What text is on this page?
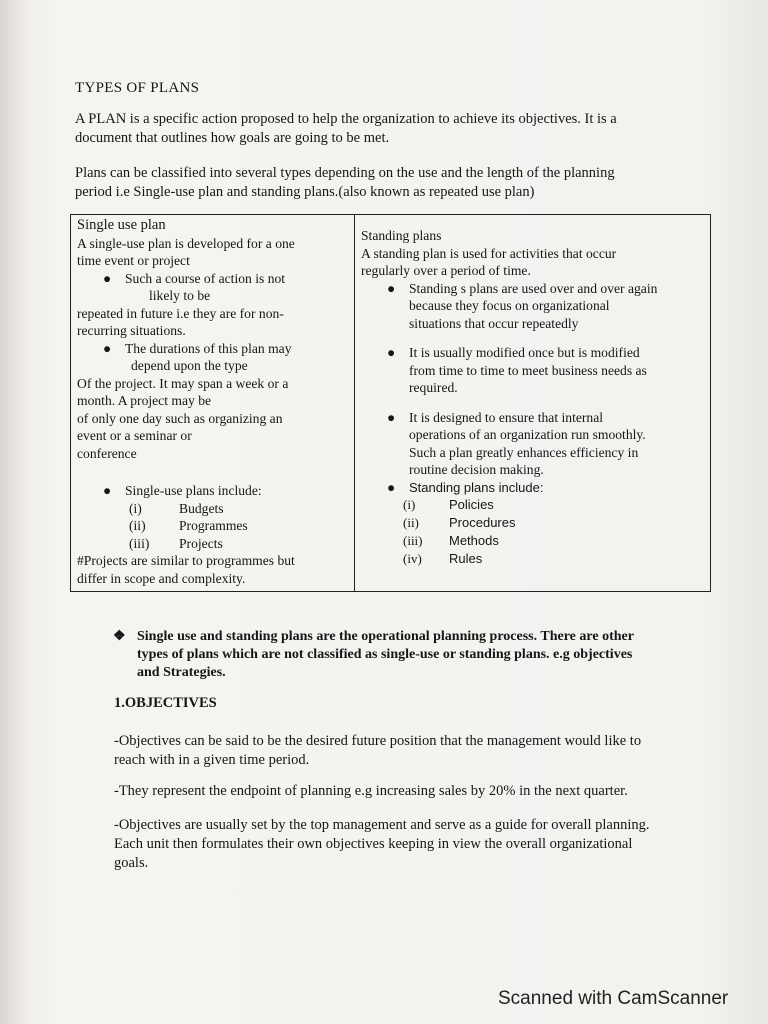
TYPES OF PLANS
A PLAN is a specific action proposed to help the organization to achieve its objectives. It is a
document that outlines how goals are going to be met.
Plans can be classified into several types depending on the use and the length of the planning
period i.e Single-use plan and standing plans.(also known as repeated use plan)
Single use plan
A single-use plan is developed for a one
time event or project
●	Such a course of action is not
likely to be
repeated in future i.e they are for non-
recurring situations.
●	The durations of this plan may
depend upon the type
Of the project. It may span a week or a
month. A project may be
of only one day such as organizing an
event or a seminar or
conference
●	Single-use plans include:
(i)	Budgets
(ii)	Programmes
(iii)	Projects
#Projects are similar to programmes but
differ in scope and complexity.

Standing plans
A standing plan is used for activities that occur
regularly over a period of time.
●	Standing s plans are used over and over again
because they focus on organizational
situations that occur repeatedly
●	It is usually modified once but is modified
from time to time to meet business needs as
required.
●	It is designed to ensure that internal
operations of an organization run smoothly.
Such a plan greatly enhances efficiency in
routine decision making.
●	Standing plans include:
(i)	Policies
(ii)	Procedures
(iii)	Methods
(iv)	Rules
❖ Single use and standing plans are the operational planning process. There are other
types of plans which are not classified as single-use or standing plans. e.g objectives
and Strategies.
1.OBJECTIVES
-Objectives can be said to be the desired future position that the management would like to
reach with in a given time period.
-They represent the endpoint of planning e.g increasing sales by 20% in the next quarter.
-Objectives are usually set by the top management and serve as a guide for overall planning.
Each unit then formulates their own objectives keeping in view the overall organizational
goals.
Scanned with CamScanner
